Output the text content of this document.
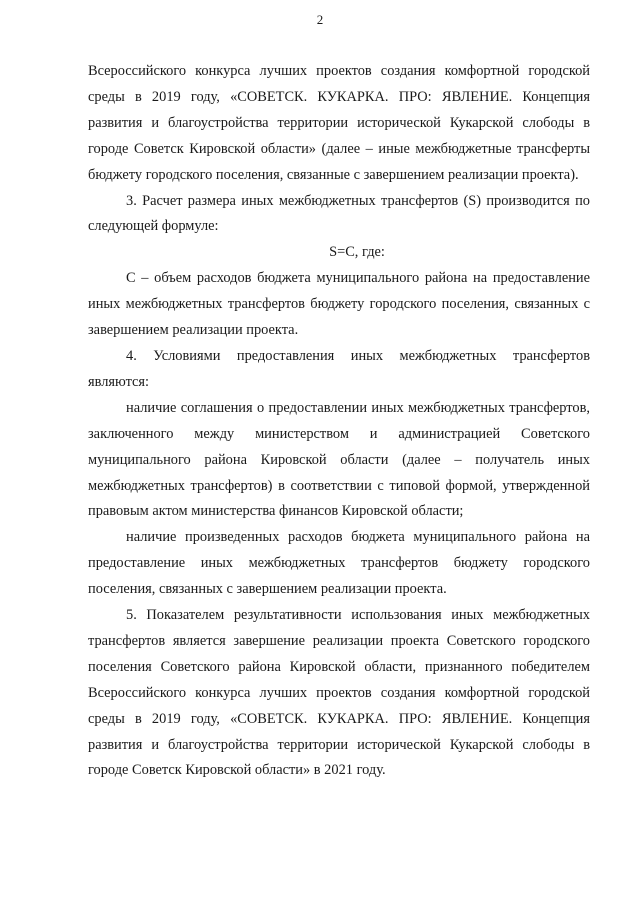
2

Всероссийского конкурса лучших проектов создания комфортной городской среды в 2019 году, «СОВЕТСК. КУКАРКА. ПРО: ЯВЛЕНИЕ. Концепция развития и благоустройства территории исторической Кукарской слободы в городе Советск Кировской области» (далее – иные межбюджетные трансферты бюджету городского поселения, связанные с завершением реализации проекта).

3. Расчет размера иных межбюджетных трансфертов (S) производится по следующей формуле:

S=C, где:

С – объем расходов бюджета муниципального района на предоставление иных межбюджетных трансфертов бюджету городского поселения, связанных с завершением реализации проекта.

4. Условиями предоставления иных межбюджетных трансфертов являются:

наличие соглашения о предоставлении иных межбюджетных трансфертов, заключенного между министерством и администрацией Советского муниципального района Кировской области (далее – получатель иных межбюджетных трансфертов) в соответствии с типовой формой, утвержденной правовым актом министерства финансов Кировской области;

наличие произведенных расходов бюджета муниципального района на предоставление иных межбюджетных трансфертов бюджету городского поселения, связанных с завершением реализации проекта.

5. Показателем результативности использования иных межбюджетных трансфертов является завершение реализации проекта Советского городского поселения Советского района Кировской области, признанного победителем Всероссийского конкурса лучших проектов создания комфортной городской среды в 2019 году, «СОВЕТСК. КУКАРКА. ПРО: ЯВЛЕНИЕ. Концепция развития и благоустройства территории исторической Кукарской слободы в городе Советск Кировской области» в 2021 году.
